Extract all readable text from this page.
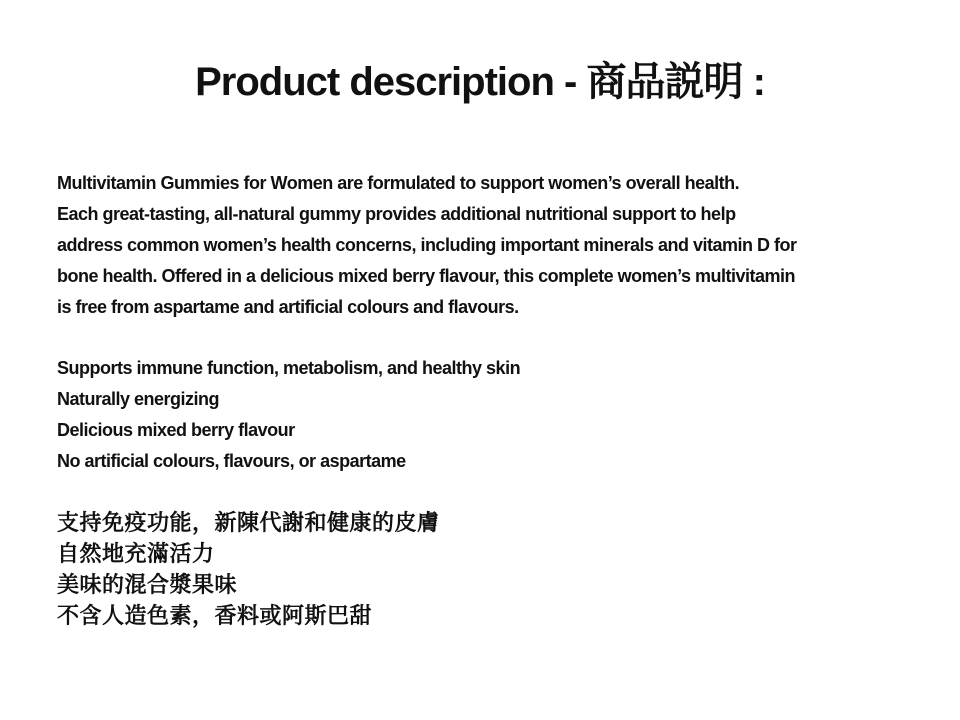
Product description - 商品説明 :
Multivitamin Gummies for Women are formulated to support women’s overall health.
Each great-tasting, all-natural gummy provides additional nutritional support to help
address common women’s health concerns, including important minerals and vitamin D for
bone health. Offered in a delicious mixed berry flavour, this complete women’s multivitamin
is free from aspartame and artificial colours and flavours.
Supports immune function, metabolism, and healthy skin
Naturally energizing
Delicious mixed berry flavour
No artificial colours, flavours, or aspartame
支持免疫功能，新陳代謝和健康的皮膚
自然地充滿活力
美味的混合漿果味
不含人造色素，香料或阿斯巴甜
